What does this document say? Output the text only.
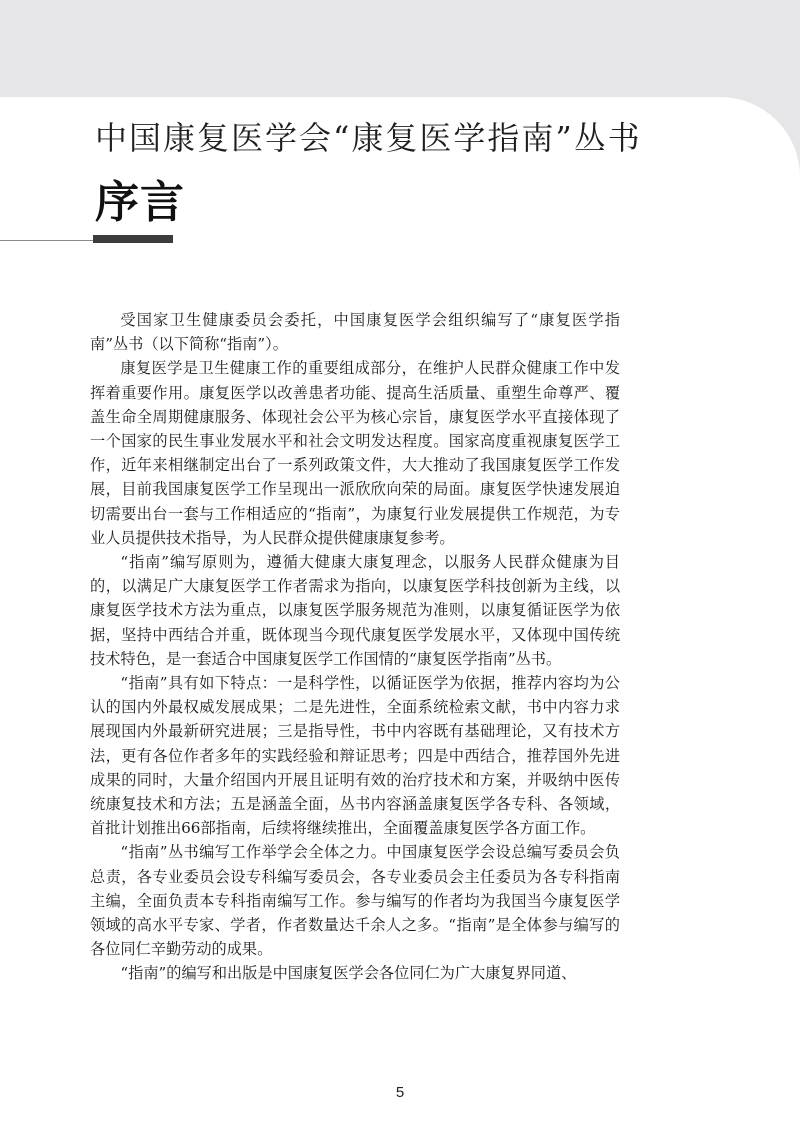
中国康复医学会“康复医学指南”丛书
序言

受国家卫生健康委员会委托，中国康复医学会组织编写了“康复医学指南”丛书（以下简称“指南”）。

康复医学是卫生健康工作的重要组成部分，在维护人民群众健康工作中发挥着重要作用。康复医学以改善患者功能、提高生活质量、重塑生命尊严、覆盖生命全周期健康服务、体现社会公平为核心宗旨，康复医学水平直接体现了一个国家的民生事业发展水平和社会文明发达程度。国家高度重视康复医学工作，近年来相继制定出台了一系列政策文件，大大推动了我国康复医学工作发展，目前我国康复医学工作呈现出一派欣欣向荣的局面。康复医学快速发展迫切需要出台一套与工作相适应的“指南”，为康复行业发展提供工作规范，为专业人员提供技术指导，为人民群众提供健康康复参考。

“指南”编写原则为，遵循大健康大康复理念，以服务人民群众健康为目的，以满足广大康复医学工作者需求为指向，以康复医学科技创新为主线，以康复医学技术方法为重点，以康复医学服务规范为准则，以康复循证医学为依据，坚持中西结合并重，既体现当今现代康复医学发展水平，又体现中国传统技术特色，是一套适合中国康复医学工作国情的“康复医学指南”丛书。

“指南”具有如下特点：一是科学性，以循证医学为依据，推荐内容均为公认的国内外最权威发展成果；二是先进性，全面系统检索文献，书中内容力求展现国内外最新研究进展；三是指导性，书中内容既有基础理论，又有技术方法，更有各位作者多年的实践经验和辩证思考；四是中西结合，推荐国外先进成果的同时，大量介绍国内开展且证明有效的治疗技术和方案，并吸纳中医传统康复技术和方法；五是涵盖全面，丛书内容涵盖康复医学各专科、各领域，首批计划推出66部指南，后续将继续推出，全面覆盖康复医学各方面工作。

“指南”丛书编写工作举学会全体之力。中国康复医学会设总编写委员会负总责，各专业委员会设专科编写委员会，各专业委员会主任委员为各专科指南主编，全面负责本专科指南编写工作。参与编写的作者均为我国当今康复医学领域的高水平专家、学者，作者数量达千余人之多。“指南”是全体参与编写的各位同仁辛勤劳动的成果。

“指南”的编写和出版是中国康复医学会各位同仁为广大康复界同道、

5
